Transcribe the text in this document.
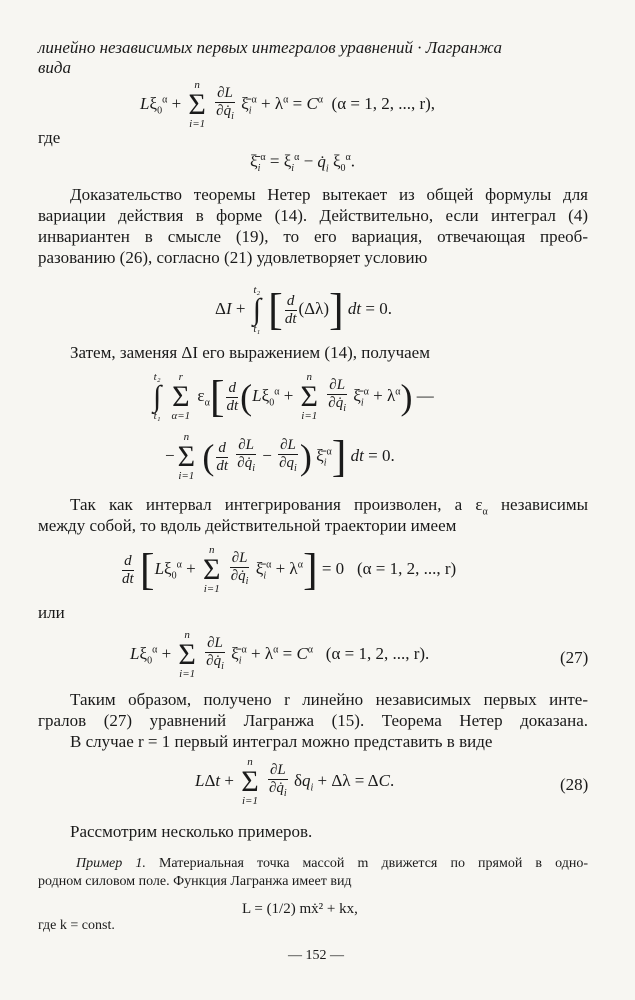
линейно независимых первых интегралов уравнений · Лагранжа
вида
$L\xi_0^\alpha$ +
n
Σ
i=1
$\frac{\partial L}{\partial q̇_i}$ $\xī_i^\alpha + \lambda^\alpha = C^\alpha$ (α = 1, 2, ..., r),
где
$\xī_i^\alpha = \xi_i^\alpha$ − $q̇_i$ $\xi_0^\alpha$.
Доказательство теоремы Нетер вытекает из общей формулы для
вариации действия в форме (14). Действительно, если интеграл (4)
инвариантен в смысле (19), то его вариация, отвечающая преоб-
разованию (26), согласно (21) удовлетворяет условию
ΔI +
t₂
∫
t₁ [ $\frac{d}{dt} (\Delta\lambda)$] dt = 0.
Затем, заменяя ΔI его выражением (14), получаем
t₂
∫
t₁

r
Σ
α=1
$\varepsilon_\alpha[ \frac{d}{dt} (L\xi_0^\alpha$ +
n
Σ
i=1
$\frac{\partial L}{\partial q̇_i}$ $\xī_i^\alpha + \lambda^\alpha$) —
−
n
Σ
i=1 ( $\frac{d}{dt}$
$\frac{\partial L}{\partial q̇_i} - \frac{\partial L}{\partial q_i}$ ) $\xī_i^\alpha$] dt = 0.
Так как интервал интегрирования произволен, а $\varepsilon_\alpha$ независимы
между собой, то вдоль действительной траектории имеем
$\frac{d}{dt} [L\xi_0^\alpha$ +
n
Σ
i=1
$\frac{\partial L}{\partial q̇_i}$ $\xī_i^\alpha + \lambda^\alpha] = 0$   (α = 1, 2, ..., r)
или
$L\xi_0^\alpha$ +
n
Σ
i=1
$\frac{\partial L}{\partial q̇_i}$ $\xī_i^\alpha + \lambda^\alpha = C^\alpha$ (α = 1, 2, ..., r).	(27)
Таким образом, получено r линейно независимых первых инте-
гралов (27) уравнений Лагранжа (15). Теорема Нетер доказана.
В случае r = 1 первый интеграл можно представить в виде
LΔt +
n
Σ
i=1
$\frac{\partial L}{\partial q̇_i} \delta q_i + \Delta\lambda = \Delta C$.	(28)
Рассмотрим несколько примеров.
Пример 1. Материальная точка массой m движется по прямой в одно-
родном силовом поле. Функция Лагранжа имеет вид
L = (1/2) mẋ² + kx,
где k = const.
— 152 —
